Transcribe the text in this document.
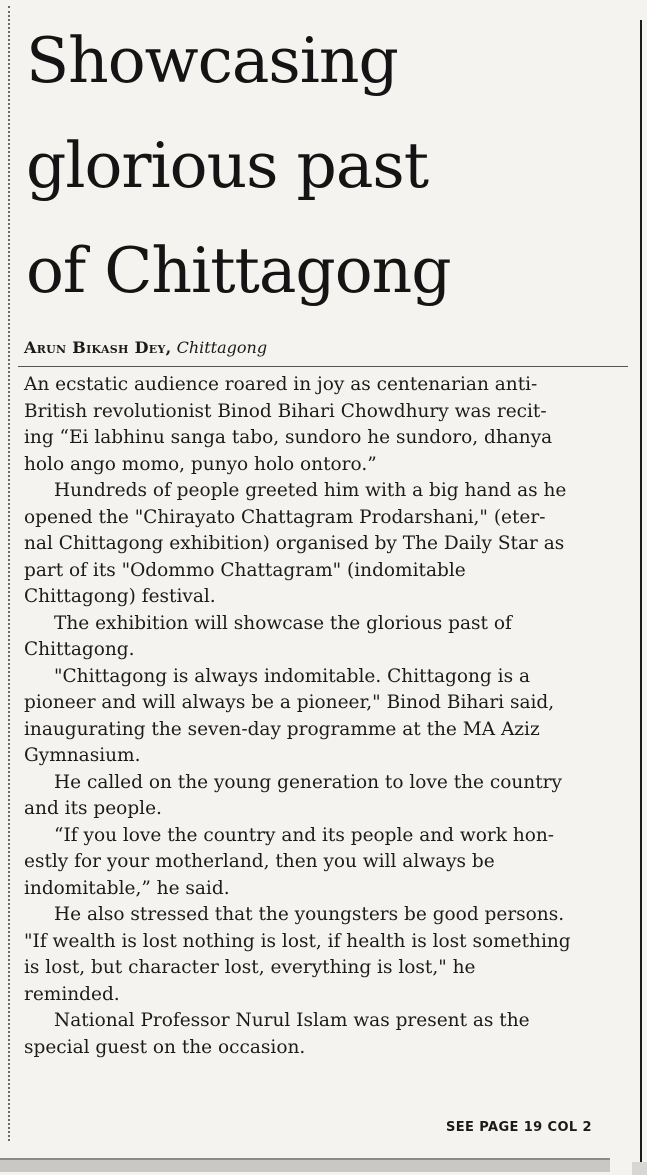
Showcasing
glorious past
of Chittagong
Arun Bikash Dey, Chittagong
An ecstatic audience roared in joy as centenarian anti-
British revolutionist Binod Bihari Chowdhury was recit-
ing “Ei labhinu sanga tabo, sundoro he sundoro, dhanya
holo ango momo, punyo holo ontoro.”
Hundreds of people greeted him with a big hand as he
opened the "Chirayato Chattagram Prodarshani," (eter-
nal Chittagong exhibition) organised by The Daily Star as
part of its "Odommo Chattagram" (indomitable
Chittagong) festival.
The exhibition will showcase the glorious past of
Chittagong.
"Chittagong is always indomitable. Chittagong is a
pioneer and will always be a pioneer," Binod Bihari said,
inaugurating the seven-day programme at the MA Aziz
Gymnasium.
He called on the young generation to love the country
and its people.
“If you love the country and its people and work hon-
estly for your motherland, then you will always be
indomitable,” he said.
He also stressed that the youngsters be good persons.
"If wealth is lost nothing is lost, if health is lost something
is lost, but character lost, everything is lost," he
reminded.
National Professor Nurul Islam was present as the
special guest on the occasion.
SEE PAGE 19 COL 2
